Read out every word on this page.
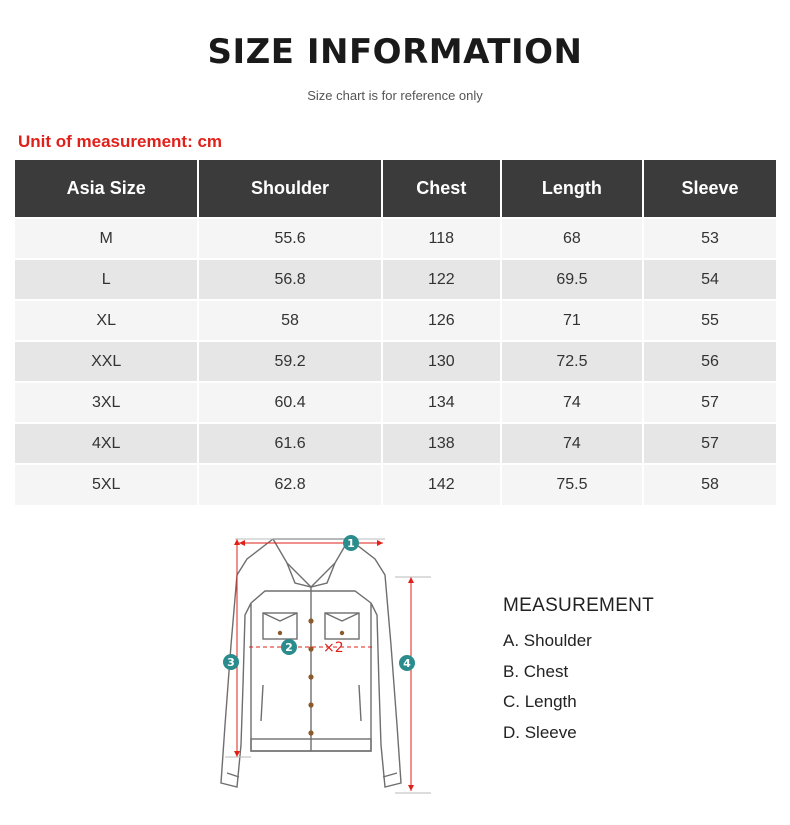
SIZE INFORMATION
Size chart is for reference only
Unit of measurement: cm
Asia Size	Shoulder	Chest	Length	Sleeve
M	55.6	118	68	53
L	56.8	122	69.5	54
XL	58	126	71	55
XXL	59.2	130	72.5	56
3XL	60.4	134	74	57
4XL	61.6	138	74	57
5XL	62.8	142	75.5	58
1
2 ×2
3	4
MEASUREMENT
A. Shoulder
B. Chest
C. Length
D. Sleeve
